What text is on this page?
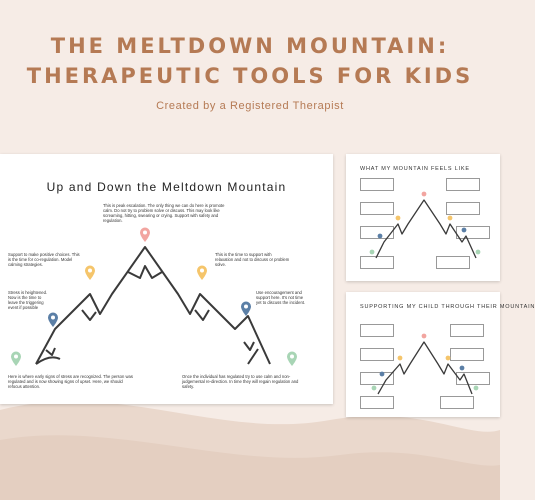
THE MELTDOWN MOUNTAIN:
THERAPEUTIC TOOLS FOR KIDS
Created by a Registered Therapist
Up and Down the Meltdown Mountain
This is peak escalation. The only thing we can do here is promote calm. Do not try to problem solve or discuss. This may look like screaming, hitting, swearing or crying. Support with safety and regulation.
Support to make positive choices. This is the time for co-regulation. Model calming strategies.
This is the time to support with relaxation and not to discuss or problem solve.
Stress is heightened. Now is the time to leave the triggering event if possible
Use encouragement and support here. It's not time yet to discuss the incident.
Here is where early signs of stress are recognized. The person was regulated and is now showing signs of upset. Here, we should refocus attention.
Once the individual has regulated try to use calm and non-judgemental re-direction. In time they will regain regulation and safety.
WHAT MY MOUNTAIN FEELS LIKE
SUPPORTING MY CHILD THROUGH THEIR MOUNTAIN
